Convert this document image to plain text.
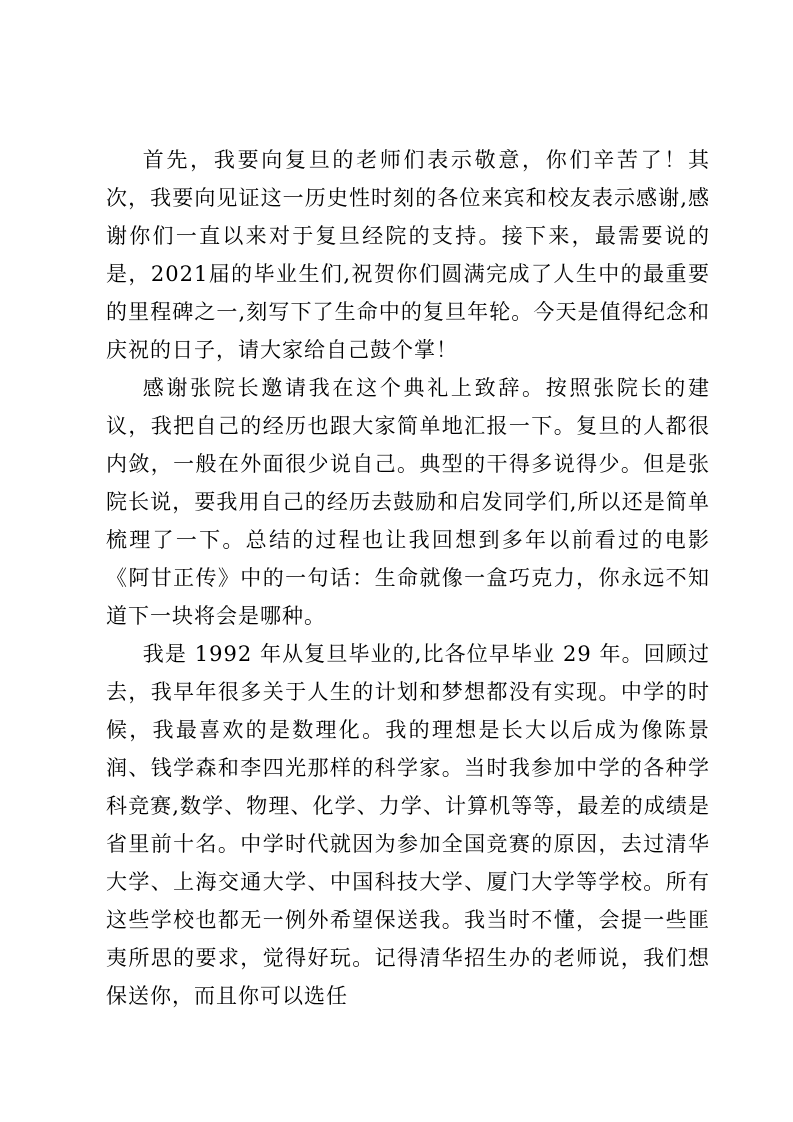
首先，我要向复旦的老师们表示敬意，你们辛苦了！其次，我要向见证这一历史性时刻的各位来宾和校友表示感谢,感谢你们一直以来对于复旦经院的支持。接下来，最需要说的是，2021届的毕业生们,祝贺你们圆满完成了人生中的最重要的里程碑之一,刻写下了生命中的复旦年轮。今天是值得纪念和庆祝的日子，请大家给自己鼓个掌！

感谢张院长邀请我在这个典礼上致辞。按照张院长的建议，我把自己的经历也跟大家简单地汇报一下。复旦的人都很内敛，一般在外面很少说自己。典型的干得多说得少。但是张院长说，要我用自己的经历去鼓励和启发同学们,所以还是简单梳理了一下。总结的过程也让我回想到多年以前看过的电影《阿甘正传》中的一句话：生命就像一盒巧克力，你永远不知道下一块将会是哪种。

我是 1992 年从复旦毕业的,比各位早毕业 29 年。回顾过去，我早年很多关于人生的计划和梦想都没有实现。中学的时候，我最喜欢的是数理化。我的理想是长大以后成为像陈景润、钱学森和李四光那样的科学家。当时我参加中学的各种学科竞赛,数学、物理、化学、力学、计算机等等，最差的成绩是省里前十名。中学时代就因为参加全国竞赛的原因，去过清华大学、上海交通大学、中国科技大学、厦门大学等学校。所有这些学校也都无一例外希望保送我。我当时不懂，会提一些匪夷所思的要求，觉得好玩。记得清华招生办的老师说，我们想保送你，而且你可以选任
